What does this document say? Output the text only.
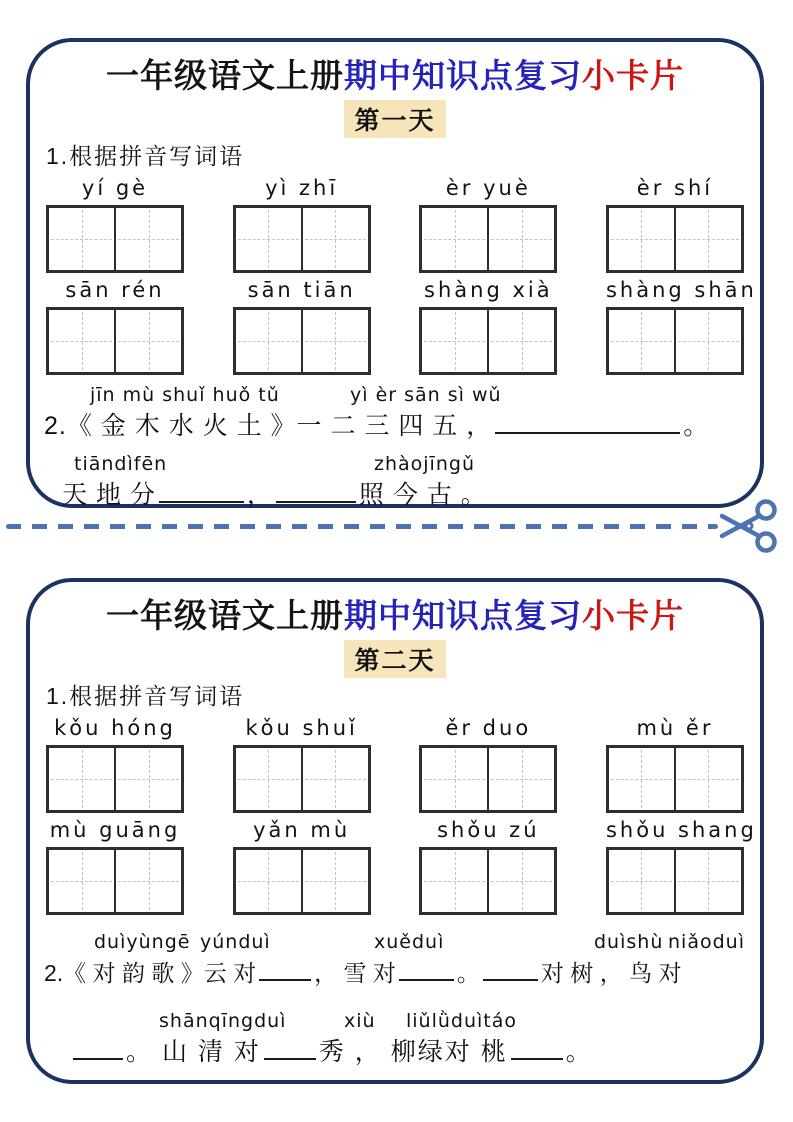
一年级语文上册期中知识点复习小卡片
第一天
1.根据拼音写词语
yí gè	yì zhī	èr yuè	èr shí
sān rén	sān tiān	shàng xià	shàng shān
jīn mù shuǐ huǒ tǔ	yì èr sān sì wǔ
2.《 金 木 水 火 土 》一 二 三 四 五 ，	。
tiāndìfēn	zhàojīngǔ
天 地 分	，	照 今 古 。
一年级语文上册期中知识点复习小卡片
第二天
1.根据拼音写词语
kǒu hóng	kǒu shuǐ	ěr duo	mù ěr
mù guāng	yǎn mù	shǒu zú	shǒu shang
duìyùngē yúnduì	xuěduì	duìshù niǎoduì
2.《 对 韵 歌 》云 对	， 雪 对	。	对 树 ， 鸟 对
shānqīngduì	xiù liǔlǜduìtáo
。 山 清 对 秀 ， 柳绿对 桃 。
